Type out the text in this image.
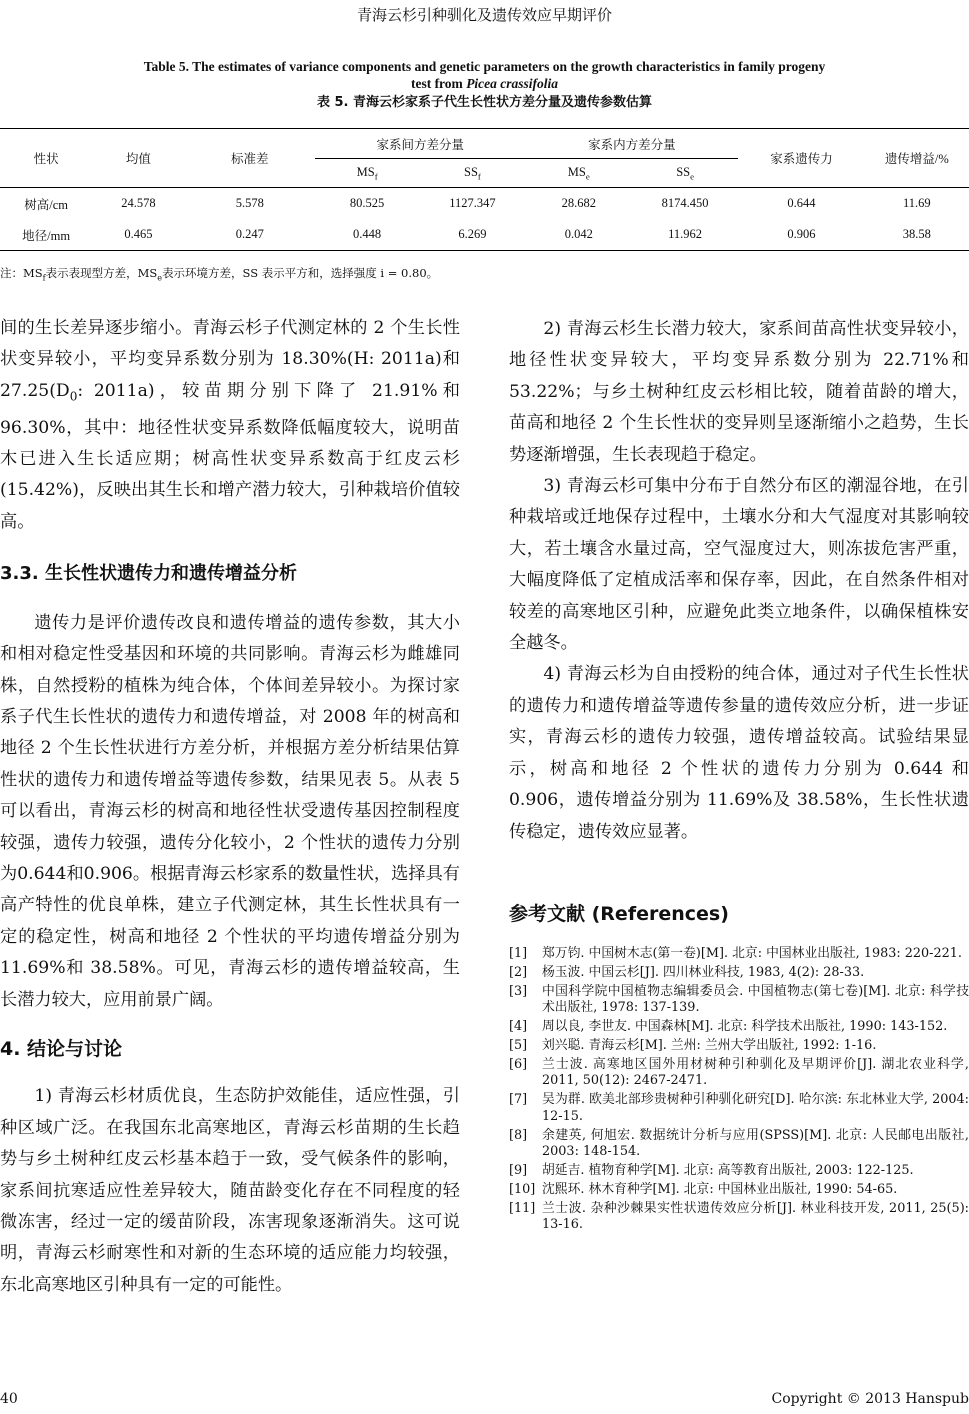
青海云杉引种驯化及遗传效应早期评价
Table 5. The estimates of variance components and genetic parameters on the growth characteristics in family progeny
test from Picea crassifolia
表 5. 青海云杉家系子代生长性状方差分量及遗传参数估算
性状	均值	标准差	家系间方差分量		家系内方差分量		家系遗传力	遗传增益/%
			$MS_f$	$SS_f$	$MS_e$	$SS_e$
树高/cm	24.578	5.578	80.525	1127.347	28.682	8174.450	0.644	11.69
地径/mm	0.465	0.247	0.448	6.269	0.042	11.962	0.906	38.58
注：$MS_f$表示表现型方差，$MS_e$表示环境方差，SS 表示平方和，选择强度 i = 0.80。

间的生长差异逐步缩小。青海云杉子代测定林的 2 个生长性状变异较小，平均变异系数分别为 18.30%(H: 2011a)和 $27.25(D_0$: 2011a)，较苗期分别下降了 21.91%和 96.30%，其中：地径性状变异系数降低幅度较大，说明苗木已进入生长适应期；树高性状变异系数高于红皮云杉(15.42%)，反映出其生长和增产潜力较大，引种栽培价值较高。

3.3. 生长性状遗传力和遗传增益分析

遗传力是评价遗传改良和遗传增益的遗传参数，其大小和相对稳定性受基因和环境的共同影响。青海云杉为雌雄同株，自然授粉的植株为纯合体，个体间差异较小。为探讨家系子代生长性状的遗传力和遗传增益，对 2008 年的树高和地径 2 个生长性状进行方差分析，并根据方差分析结果估算性状的遗传力和遗传增益等遗传参数，结果见表 5。从表 5 可以看出，青海云杉的树高和地径性状受遗传基因控制程度较强，遗传力较强，遗传分化较小，2 个性状的遗传力分别为0.644和0.906。根据青海云杉家系的数量性状，选择具有高产特性的优良单株，建立子代测定林，其生长性状具有一定的稳定性，树高和地径 2 个性状的平均遗传增益分别为 11.69%和 38.58%。可见，青海云杉的遗传增益较高，生长潜力较大，应用前景广阔。

4. 结论与讨论

1) 青海云杉材质优良，生态防护效能佳，适应性强，引种区域广泛。在我国东北高寒地区，青海云杉苗期的生长趋势与乡土树种红皮云杉基本趋于一致，受气候条件的影响，家系间抗寒适应性差异较大，随苗龄变化存在不同程度的轻微冻害，经过一定的缓苗阶段，冻害现象逐渐消失。这可说明，青海云杉耐寒性和对新的生态环境的适应能力均较强，东北高寒地区引种具有一定的可能性。

2) 青海云杉生长潜力较大，家系间苗高性状变异较小，地径性状变异较大，平均变异系数分别为 22.71%和 53.22%；与乡土树种红皮云杉相比较，随着苗龄的增大，苗高和地径 2 个生长性状的变异则呈逐渐缩小之趋势，生长势逐渐增强，生长表现趋于稳定。

3) 青海云杉可集中分布于自然分布区的潮湿谷地，在引种栽培或迁地保存过程中，土壤水分和大气湿度对其影响较大，若土壤含水量过高，空气湿度过大，则冻拔危害严重，大幅度降低了定植成活率和保存率，因此，在自然条件相对较差的高寒地区引种，应避免此类立地条件，以确保植株安全越冬。

4) 青海云杉为自由授粉的纯合体，通过对子代生长性状的遗传力和遗传增益等遗传参量的遗传效应分析，进一步证实，青海云杉的遗传力较强，遗传增益较高。试验结果显示，树高和地径 2 个性状的遗传力分别为 0.644 和 0.906，遗传增益分别为 11.69%及 38.58%，生长性状遗传稳定，遗传效应显著。

参考文献 (References)
[1] 郑万钧. 中国树木志(第一卷)[M]. 北京: 中国林业出版社, 1983: 220-221.
[2] 杨玉波. 中国云杉[J]. 四川林业科技, 1983, 4(2): 28-33.
[3] 中国科学院中国植物志编辑委员会. 中国植物志(第七卷)[M]. 北京: 科学技术出版社, 1978: 137-139.
[4] 周以良, 李世友. 中国森林[M]. 北京: 科学技术出版社, 1990: 143-152.
[5] 刘兴聪. 青海云杉[M]. 兰州: 兰州大学出版社, 1992: 1-16.
[6] 兰士波. 高寒地区国外用材树种引种驯化及早期评价[J]. 湖北农业科学, 2011, 50(12): 2467-2471.
[7] 吴为群. 欧美北部珍贵树种引种驯化研究[D]. 哈尔滨: 东北林业大学, 2004: 12-15.
[8] 余建英, 何旭宏. 数据统计分析与应用(SPSS)[M]. 北京: 人民邮电出版社, 2003: 148-154.
[9] 胡延吉. 植物育种学[M]. 北京: 高等教育出版社, 2003: 122-125.
[10] 沈熙环. 林木育种学[M]. 北京: 中国林业出版社, 1990: 54-65.
[11] 兰士波. 杂种沙棘果实性状遗传效应分析[J]. 林业科技开发, 2011, 25(5): 13-16.
40	Copyright © 2013 Hanspub
